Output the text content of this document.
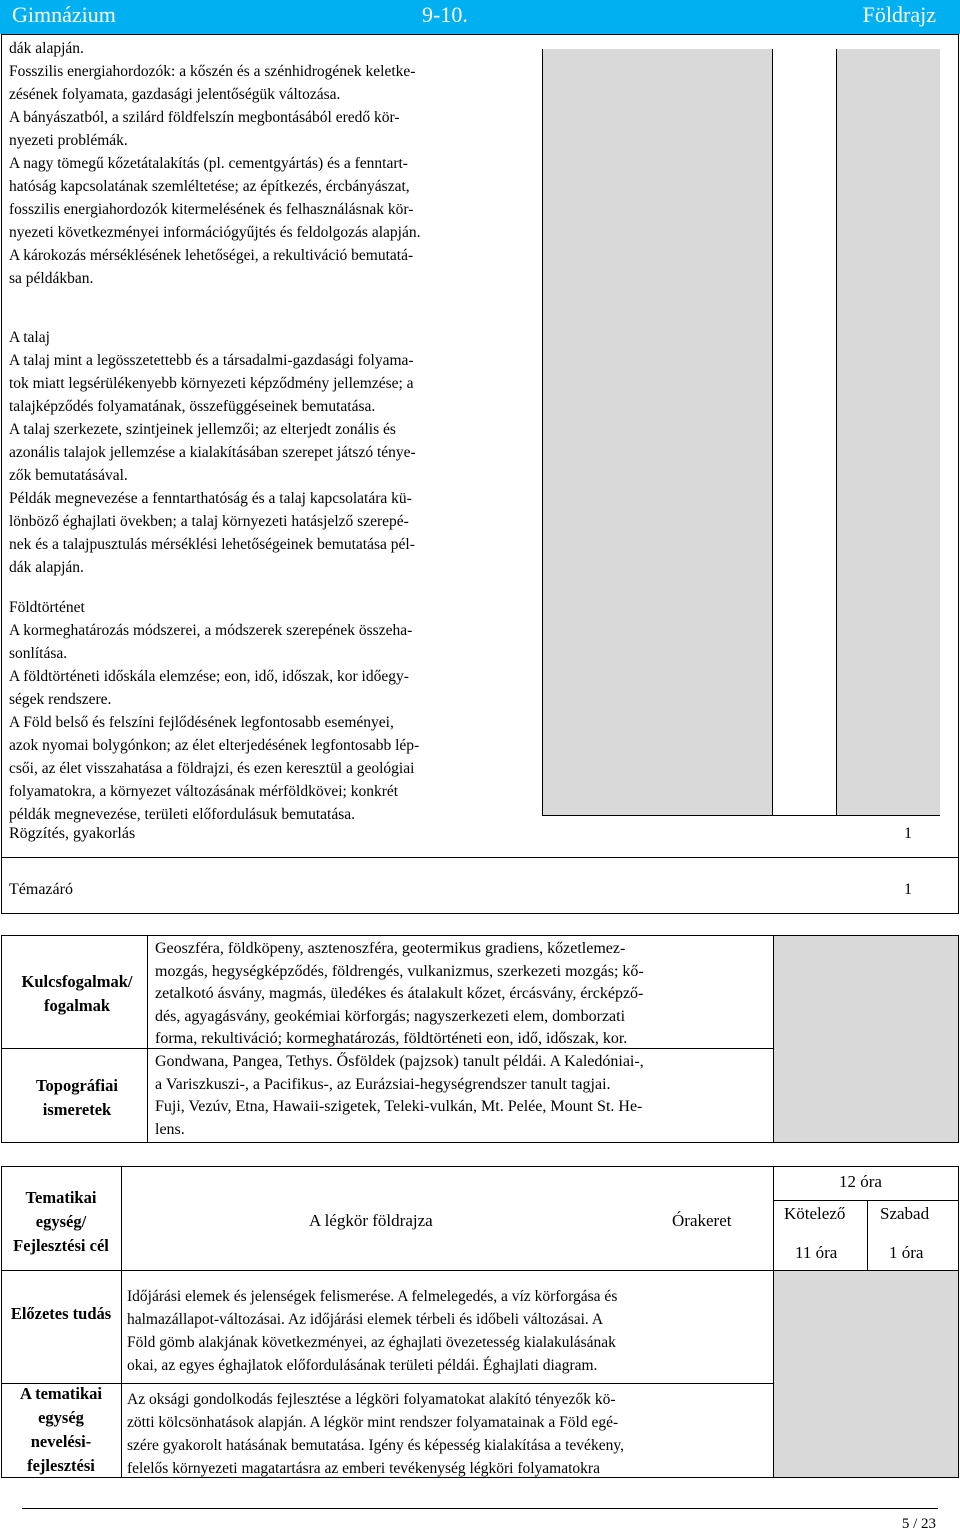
Gimnázium	9-10.	Földrajz
dák alapján.
Fosszilis energiahordozók: a kőszén és a szénhidrogének keletke-
zésének folyamata, gazdasági jelentőségük változása.
A bányászatból, a szilárd földfelszín megbontásából eredő kör-
nyezeti problémák.
A nagy tömegű kőzetátalakítás (pl. cementgyártás) és a fenntart-
hatóság kapcsolatának szemléltetése; az építkezés, ércbányászat,
fosszilis energiahordozók kitermelésének és felhasználásnak kör-
nyezeti következményei információgyűjtés és feldolgozás alapján.
A károkozás mérséklésének lehetőségei, a rekultiváció bemutatá-
sa példákban.
A talaj
A talaj mint a legösszetettebb és a társadalmi-gazdasági folyama-
tok miatt legsérülékenyebb környezeti képződmény jellemzése; a
talajképződés folyamatának, összefüggéseinek bemutatása.
A talaj szerkezete, szintjeinek jellemzői; az elterjedt zonális és
azonális talajok jellemzése a kialakításában szerepet játszó ténye-
zők bemutatásával.
Példák megnevezése a fenntarthatóság és a talaj kapcsolatára kü-
lönböző éghajlati övekben; a talaj környezeti hatásjelző szerepé-
nek és a talajpusztulás mérséklési lehetőségeinek bemutatása pél-
dák alapján.
Földtörténet
A kormeghatározás módszerei, a módszerek szerepének összeha-
sonlítása.
A földtörténeti időskála elemzése; eon, idő, időszak, kor időegy-
ségek rendszere.
A Föld belső és felszíni fejlődésének legfontosabb eseményei,
azok nyomai bolygónkon; az élet elterjedésének legfontosabb lép-
csői, az élet visszahatása a földrajzi, és ezen keresztül a geológiai
folyamatokra, a környezet változásának mérföldkövei; konkrét
példák megnevezése, területi előfordulásuk bemutatása.
Rögzítés, gyakorlás	1
Témazáró	1
Kulcsfogalmak/ fogalmak
Geoszféra, földköpeny, asztenoszféra, geotermikus gradiens, kőzetlemez-
mozgás, hegységképződés, földrengés, vulkanizmus, szerkezeti mozgás; kő-
zetalkotó ásvány, magmás, üledékes és átalakult kőzet, ércásvány, ércképző-
dés, agyagásvány, geokémiai körforgás; nagyszerkezeti elem, domborzati
forma, rekultiváció; kormeghatározás, földtörténeti eon, idő, időszak, kor.
Topográfiai ismeretek
Gondwana, Pangea, Tethys. Ősföldek (pajzsok) tanult példái. A Kaledóniai-,
a Variszkuszi-, a Pacifikus-, az Eurázsiai-hegységrendszer tanult tagjai.
Fuji, Vezúv, Etna, Hawaii-szigetek, Teleki-vulkán, Mt. Pelée, Mount St. He-
lens.
Tematikai egység/ Fejlesztési cél
A légkör földrajza	Órakeret
12 óra
Kötelező Szabad
11 óra	1 óra
Előzetes tudás
Időjárási elemek és jelenségek felismerése. A felmelegedés, a víz körforgása és
halmazállapot-változásai. Az időjárási elemek térbeli és időbeli változásai. A
Föld gömb alakjának következményei, az éghajlati övezetesség kialakulásának
okai, az egyes éghajlatok előfordulásának területi példái. Éghajlati diagram.
A tematikai egység nevelési-fejlesztési
Az oksági gondolkodás fejlesztése a légköri folyamatokat alakító tényezők kö-
zötti kölcsönhatások alapján. A légkör mint rendszer folyamatainak a Föld egé-
szére gyakorolt hatásának bemutatása. Igény és képesség kialakítása a tevékeny,
felelős környezeti magatartásra az emberi tevékenység légköri folyamatokra
5 / 23
